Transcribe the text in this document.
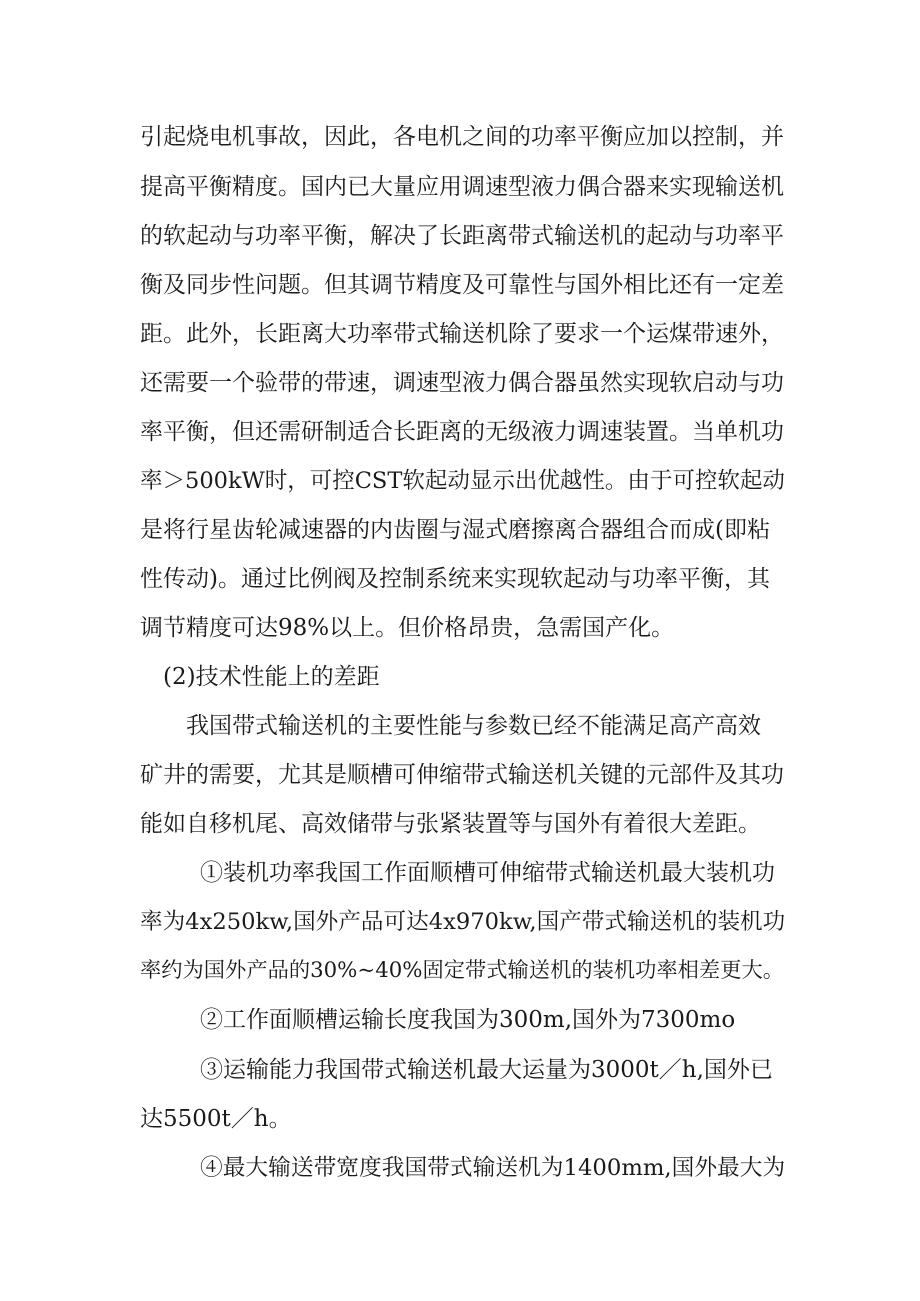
引起烧电机事故，因此，各电机之间的功率平衡应加以控制，并
提高平衡精度。国内已大量应用调速型液力偶合器来实现输送机
的软起动与功率平衡，解决了长距离带式输送机的起动与功率平
衡及同步性问题。但其调节精度及可靠性与国外相比还有一定差
距。此外，长距离大功率带式输送机除了要求一个运煤带速外，
还需要一个验带的带速，调速型液力偶合器虽然实现软启动与功
率平衡，但还需研制适合长距离的无级液力调速装置。当单机功
率＞500kW时，可控CST软起动显示出优越性。由于可控软起动
是将行星齿轮减速器的内齿圈与湿式磨擦离合器组合而成(即粘
性传动)。通过比例阀及控制系统来实现软起动与功率平衡，其
调节精度可达98%以上。但价格昂贵，急需国产化。
(2)技术性能上的差距
我国带式输送机的主要性能与参数已经不能满足高产高效
矿井的需要，尤其是顺槽可伸缩带式输送机关键的元部件及其功
能如自移机尾、高效储带与张紧装置等与国外有着很大差距。
①装机功率我国工作面顺槽可伸缩带式输送机最大装机功
率为4x250kw,国外产品可达4x970kw,国产带式输送机的装机功
率约为国外产品的30%~40%固定带式输送机的装机功率相差更大。
②工作面顺槽运输长度我国为300m,国外为7300mo
③运输能力我国带式输送机最大运量为3000t／h,国外已
达5500t／h。
④最大输送带宽度我国带式输送机为1400mm,国外最大为
